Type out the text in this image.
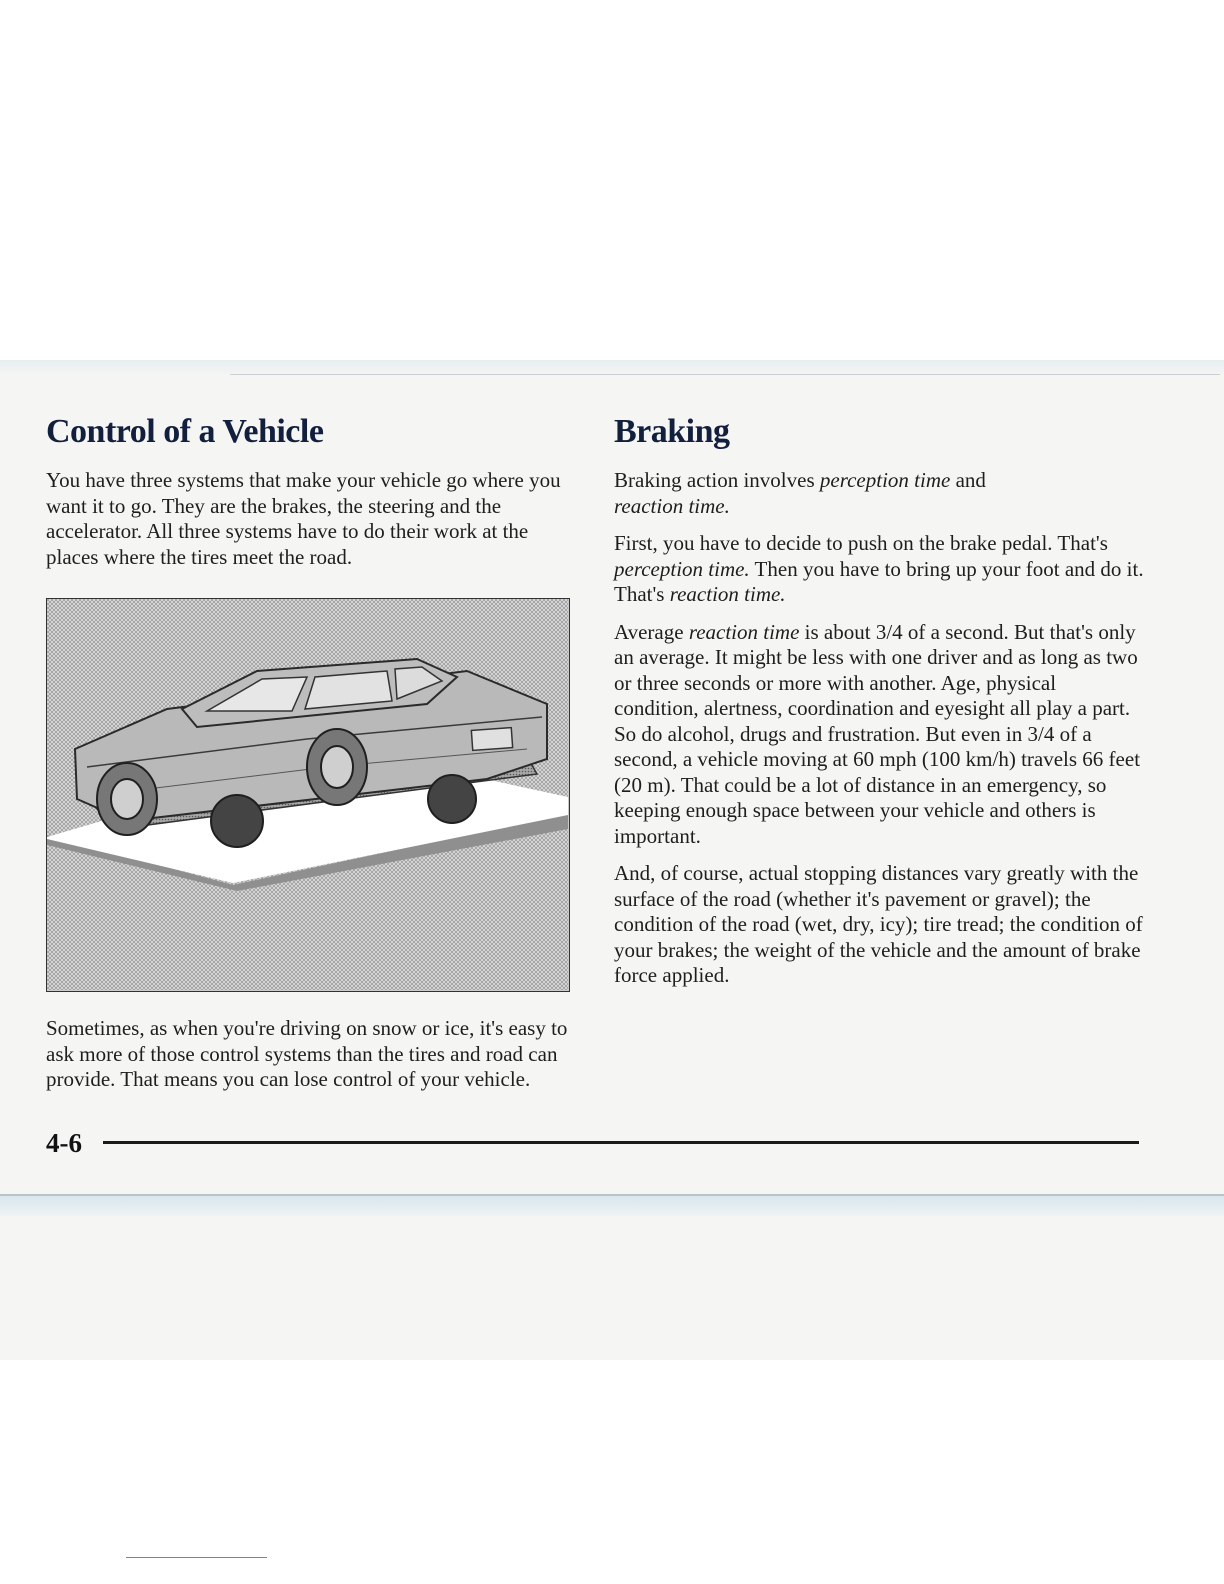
Control of a Vehicle

You have three systems that make your vehicle go where you want it to go. They are the brakes, the steering and the accelerator. All three systems have to do their work at the places where the tires meet the road.

Sometimes, as when you're driving on snow or ice, it's easy to ask more of those control systems than the tires and road can provide. That means you can lose control of your vehicle.

Braking

Braking action involves perception time and
reaction time.

First, you have to decide to push on the brake pedal. That's perception time. Then you have to bring up your foot and do it. That's reaction time.

Average reaction time is about 3/4 of a second. But that's only an average. It might be less with one driver and as long as two or three seconds or more with another. Age, physical condition, alertness, coordination and eyesight all play a part. So do alcohol, drugs and frustration. But even in 3/4 of a second, a vehicle moving at 60 mph (100 km/h) travels 66 feet (20 m). That could be a lot of distance in an emergency, so keeping enough space between your vehicle and others is important.

And, of course, actual stopping distances vary greatly with the surface of the road (whether it's pavement or gravel); the condition of the road (wet, dry, icy); tire tread; the condition of your brakes; the weight of the vehicle and the amount of brake force applied.

4-6
